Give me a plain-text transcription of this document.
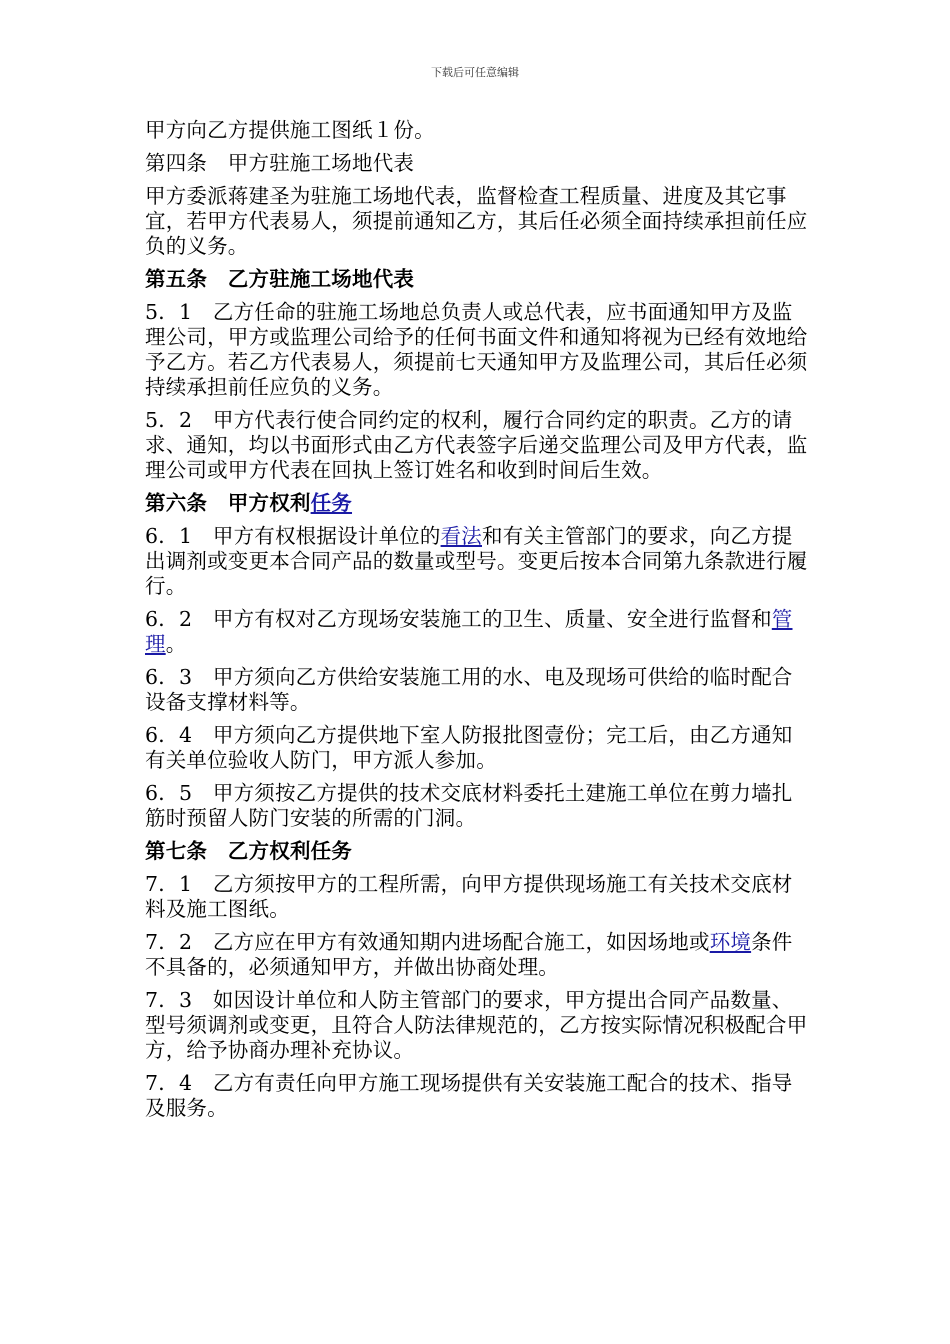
下载后可任意编辑

甲方向乙方提供施工图纸１份。

第四条　甲方驻施工场地代表

甲方委派蒋建圣为驻施工场地代表，监督检查工程质量、进度及其它事宜，若甲方代表易人，须提前通知乙方，其后任必须全面持续承担前任应负的义务。

第五条　乙方驻施工场地代表

5．1　乙方任命的驻施工场地总负责人或总代表，应书面通知甲方及监理公司，甲方或监理公司给予的任何书面文件和通知将视为已经有效地给予乙方。若乙方代表易人，须提前七天通知甲方及监理公司，其后任必须持续承担前任应负的义务。

5．2　甲方代表行使合同约定的权利，履行合同约定的职责。乙方的请求、通知，均以书面形式由乙方代表签字后递交监理公司及甲方代表，监理公司或甲方代表在回执上签订姓名和收到时间后生效。

第六条　甲方权利任务

6．1　甲方有权根据设计单位的看法和有关主管部门的要求，向乙方提出调剂或变更本合同产品的数量或型号。变更后按本合同第九条款进行履行。

6．2　甲方有权对乙方现场安装施工的卫生、质量、安全进行监督和管理。

6．3　甲方须向乙方供给安装施工用的水、电及现场可供给的临时配合设备支撑材料等。

6．4　甲方须向乙方提供地下室人防报批图壹份；完工后，由乙方通知有关单位验收人防门，甲方派人参加。

6．5　甲方须按乙方提供的技术交底材料委托土建施工单位在剪力墙扎筋时预留人防门安装的所需的门洞。

第七条　乙方权利任务

7．1　乙方须按甲方的工程所需，向甲方提供现场施工有关技术交底材料及施工图纸。

7．2　乙方应在甲方有效通知期内进场配合施工，如因场地或环境条件不具备的，必须通知甲方，并做出协商处理。

7．3　如因设计单位和人防主管部门的要求，甲方提出合同产品数量、型号须调剂或变更，且符合人防法律规范的，乙方按实际情况积极配合甲方，给予协商办理补充协议。

7．4　乙方有责任向甲方施工现场提供有关安装施工配合的技术、指导及服务。
